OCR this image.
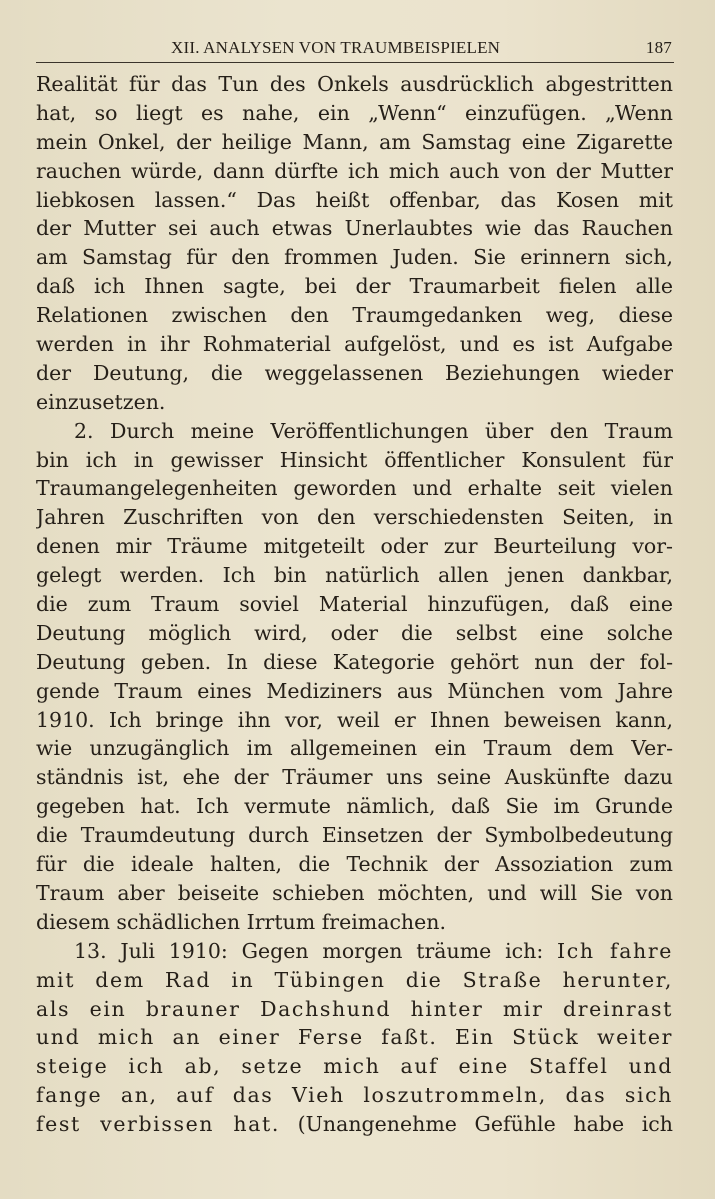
XII. ANALYSEN VON TRAUMBEISPIELEN	187
Realität für das Tun des Onkels ausdrücklich abgestritten
hat, so liegt es nahe, ein „Wenn“ einzufügen. „Wenn
mein Onkel, der heilige Mann, am Samstag eine Zigarette
rauchen würde, dann dürfte ich mich auch von der Mutter
liebkosen lassen.“ Das heißt offenbar, das Kosen mit
der Mutter sei auch etwas Unerlaubtes wie das Rauchen
am Samstag für den frommen Juden. Sie erinnern sich,
daß ich Ihnen sagte, bei der Traumarbeit fielen alle
Relationen zwischen den Traumgedanken weg, diese
werden in ihr Rohmaterial aufgelöst, und es ist Aufgabe
der Deutung, die weggelassenen Beziehungen wieder
einzusetzen.
2. Durch meine Veröffentlichungen über den Traum
bin ich in gewisser Hinsicht öffentlicher Konsulent für
Traumangelegenheiten geworden und erhalte seit vielen
Jahren Zuschriften von den verschiedensten Seiten, in
denen mir Träume mitgeteilt oder zur Beurteilung vor-
gelegt werden. Ich bin natürlich allen jenen dankbar,
die zum Traum soviel Material hinzufügen, daß eine
Deutung möglich wird, oder die selbst eine solche
Deutung geben. In diese Kategorie gehört nun der fol-
gende Traum eines Mediziners aus München vom Jahre
1910. Ich bringe ihn vor, weil er Ihnen beweisen kann,
wie unzugänglich im allgemeinen ein Traum dem Ver-
ständnis ist, ehe der Träumer uns seine Auskünfte dazu
gegeben hat. Ich vermute nämlich, daß Sie im Grunde
die Traumdeutung durch Einsetzen der Symbolbedeutung
für die ideale halten, die Technik der Assoziation zum
Traum aber beiseite schieben möchten, und will Sie von
diesem schädlichen Irrtum freimachen.
13. Juli 1910: Gegen morgen träume ich: Ich fahre
mit dem Rad in Tübingen die Straße herunter,
als ein brauner Dachshund hinter mir dreinrast
und mich an einer Ferse faßt. Ein Stück weiter
steige ich ab, setze mich auf eine Staffel und
fange an, auf das Vieh loszutrommeln, das sich
fest verbissen hat. (Unangenehme Gefühle habe ich
